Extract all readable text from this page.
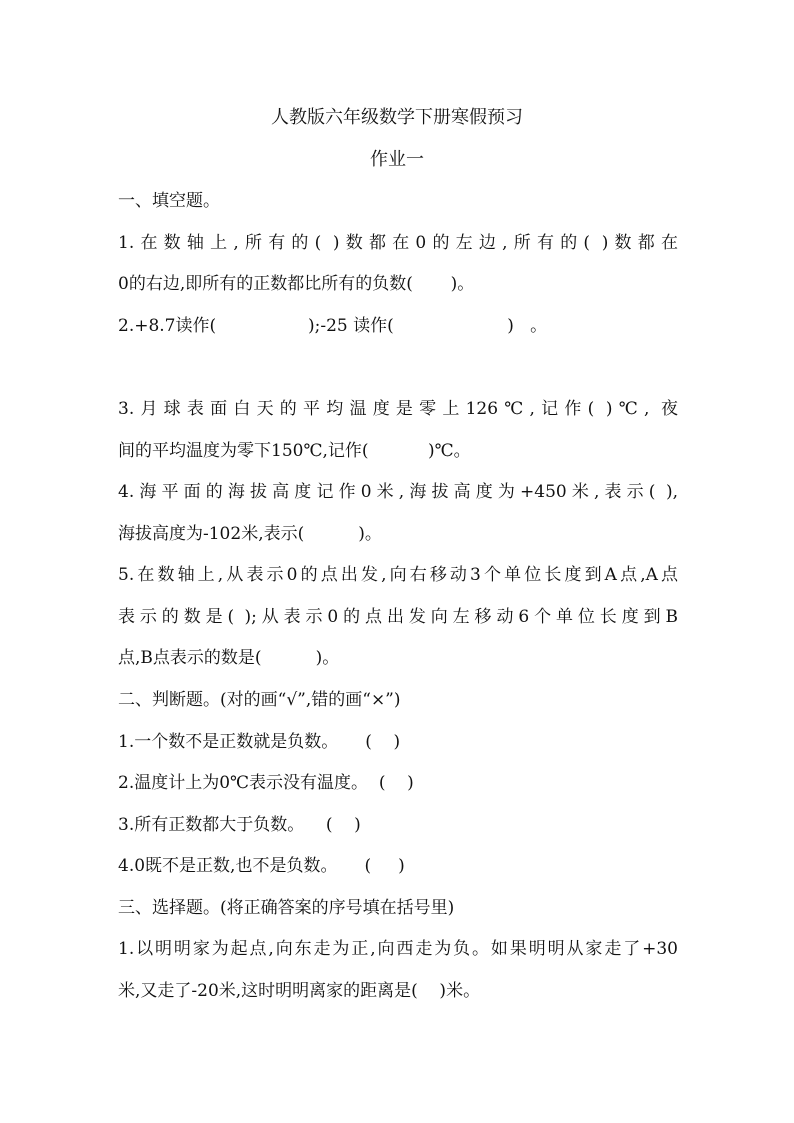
人教版六年级数学下册寒假预习
作业一
一、填空题。
1.在数轴上,所有的( )数都在0的左边,所有的( )数都在
0的右边,即所有的正数都比所有的负数(       )。
2.+8.7读作(                 );-25 读作(                     )   。
3.月球表面白天的平均温度是零上126℃,记作( )℃, 夜
间的平均温度为零下150℃,记作(           )℃。
4.海平面的海拔高度记作0米,海拔高度为+450米,表示( ),
海拔高度为-102米,表示(          )。
5.在数轴上,从表示0的点出发,向右移动3个单位长度到A点,A点
表示的数是( );从表示0的点出发向左移动6个单位长度到B
点,B点表示的数是(          )。
二、判断题。(对的画“√”,错的画“×”)
1.一个数不是正数就是负数。     (    )
2.温度计上为0℃表示没有温度。  (    )
3.所有正数都大于负数。    (    )
4.0既不是正数,也不是负数。     (     )
三、选择题。(将正确答案的序号填在括号里)
1.以明明家为起点,向东走为正,向西走为负。如果明明从家走了+30
米,又走了-20米,这时明明离家的距离是(    )米。
